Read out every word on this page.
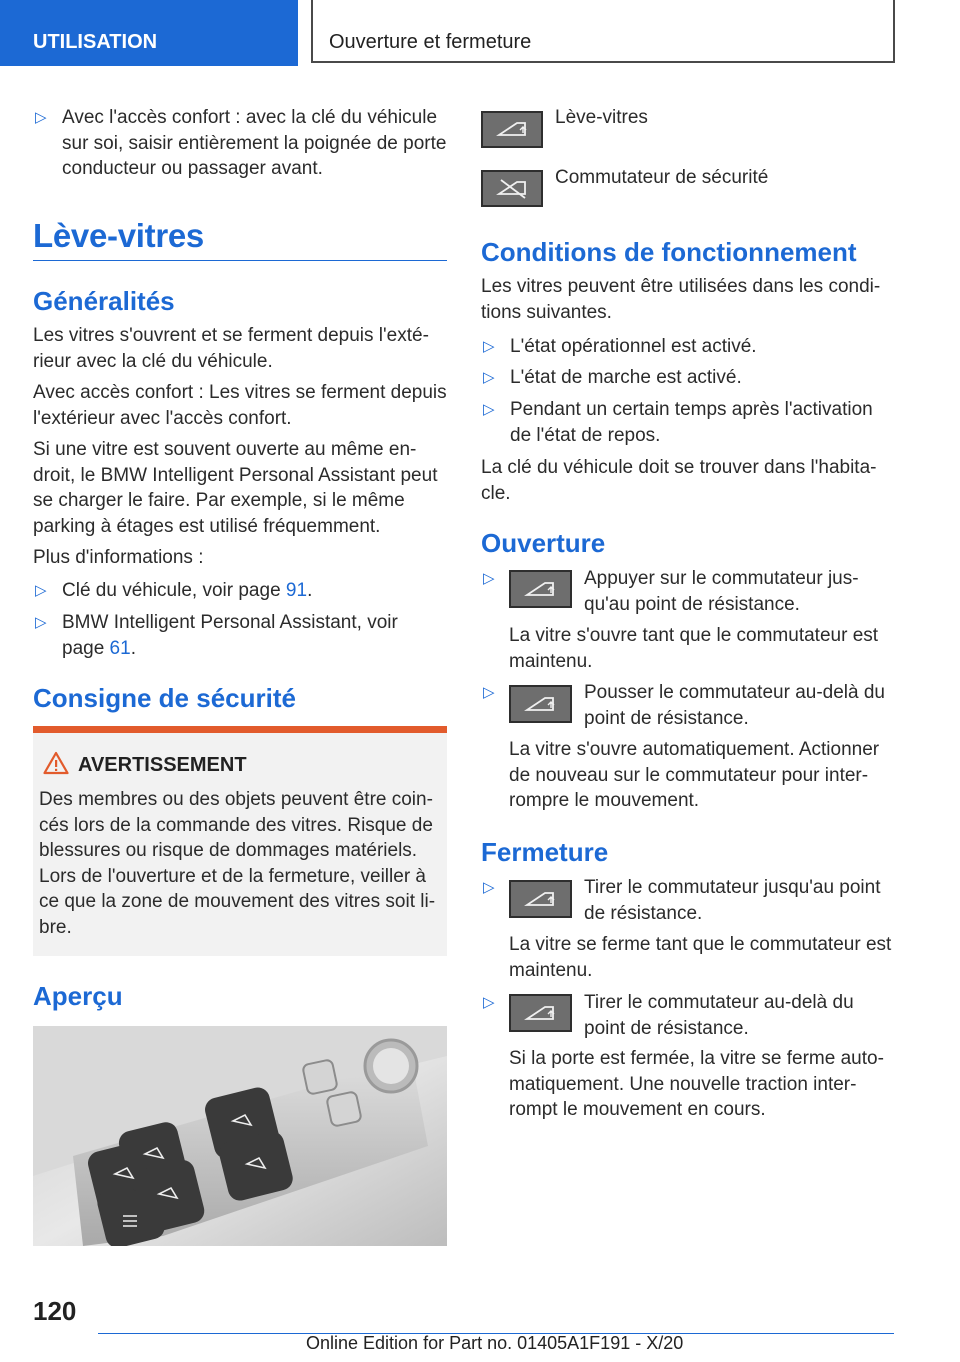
UTILISATION	Ouverture et fermeture
▷ Avec l'accès confort : avec la clé du véhicule sur soi, saisir entièrement la poignée de porte conducteur ou passager avant.

Lève-vitres
Généralités

Les vitres s'ouvrent et se ferment depuis l'extérieur avec la clé du véhicule.

Avec accès confort : Les vitres se ferment depuis l'extérieur avec l'accès confort.

Si une vitre est souvent ouverte au même endroit, le BMW Intelligent Personal Assistant peut se charger le faire. Par exemple, si le même parking à étages est utilisé fréquemment.

Plus d'informations :

▷ Clé du véhicule, voir page 91.

▷ BMW Intelligent Personal Assistant, voir page 61.

Consigne de sécurité
AVERTISSEMENT

Des membres ou des objets peuvent être coincés lors de la commande des vitres. Risque de blessures ou risque de dommages matériels. Lors de l'ouverture et de la fermeture, veiller à ce que la zone de mouvement des vitres soit libre.

Aperçu
Lève-vitres
Commutateur de sécurité
Conditions de fonctionnement

Les vitres peuvent être utilisées dans les conditions suivantes.

▷ L'état opérationnel est activé.

▷ L'état de marche est activé.

▷ Pendant un certain temps après l'activation de l'état de repos.

La clé du véhicule doit se trouver dans l'habitacle.

Ouverture
▷	Appuyer sur le commutateur jusqu'au point de résistance.

La vitre s'ouvre tant que le commutateur est maintenu.

▷	Pousser le commutateur au-delà du point de résistance.

La vitre s'ouvre automatiquement. Actionner de nouveau sur le commutateur pour interrompre le mouvement.

Fermeture
▷	Tirer le commutateur jusqu'au point de résistance.

La vitre se ferme tant que le commutateur est maintenu.

▷	Tirer le commutateur au-delà du point de résistance.

Si la porte est fermée, la vitre se ferme automatiquement. Une nouvelle traction interrompt le mouvement en cours.

120
Online Edition for Part no. 01405A1F191 - X/20
